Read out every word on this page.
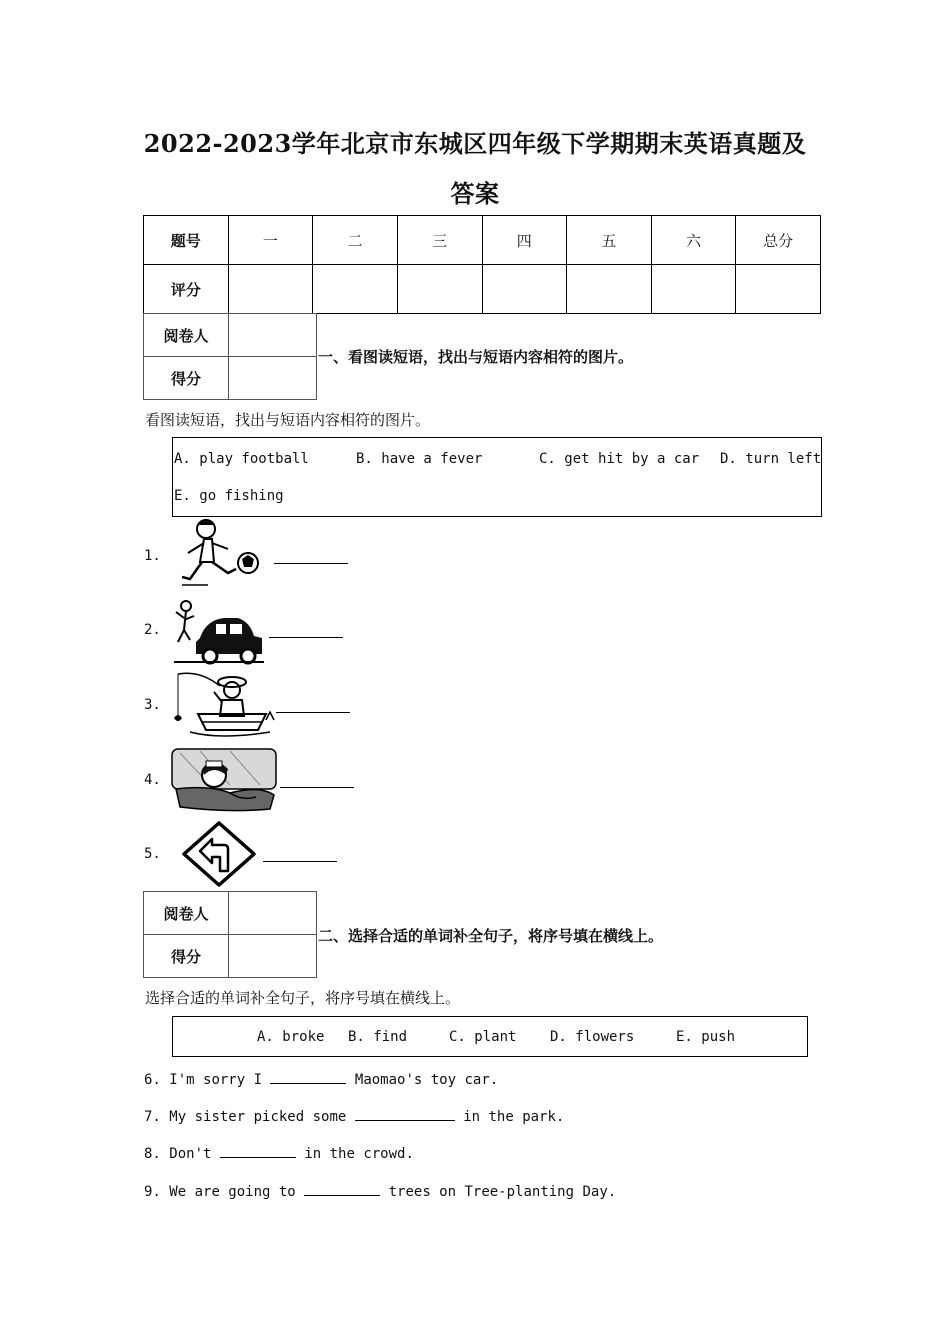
2022-2023学年北京市东城区四年级下学期期末英语真题及
答案
题号	一	二	三	四	五	六	总分
评分							
阅卷人	
得分	
一、看图读短语，找出与短语内容相符的图片。
看图读短语，找出与短语内容相符的图片。
A. play football	B. have a fever	C. get hit by a car D. turn left
E. go fishing
1.
2.
3.
4.
5.
阅卷人	
得分	
二、选择合适的单词补全句子，将序号填在横线上。
选择合适的单词补全句子，将序号填在横线上。
A. broke B. find	C. plant D. flowers	E. push
6. I'm sorry I	Maomao's toy car.
7. My sister picked some	in the park.
8. Don't	in the crowd.
9. We are going to	trees on Tree-planting Day.
